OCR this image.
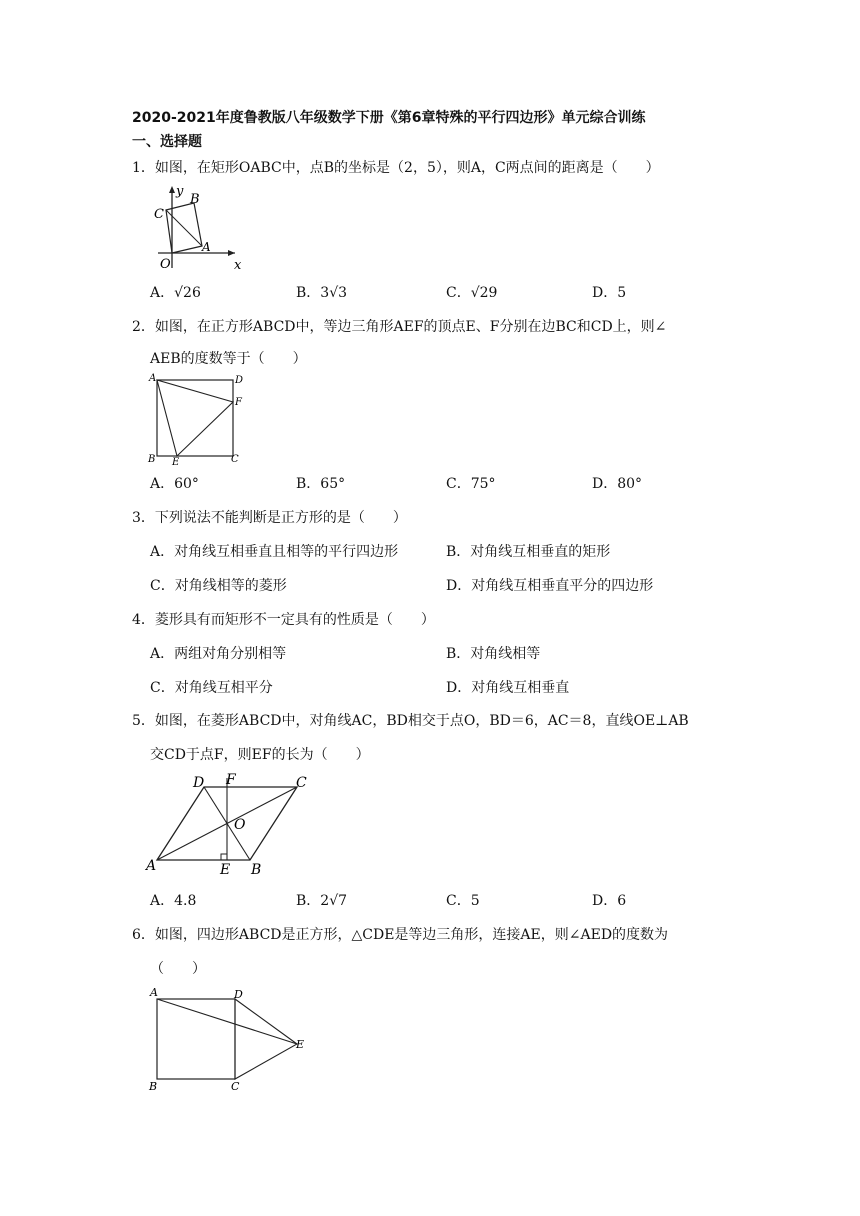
2020-2021年度鲁教版八年级数学下册《第6章特殊的平行四边形》单元综合训练
一、选择题
1．如图，在矩形OABC中，点B的坐标是（2，5），则A，C两点间的距离是（　　）
y
x
O
A
B
C
A．√26	B．3√3	C．√29	D．5
2．如图，在正方形ABCD中，等边三角形AEF的顶点E、F分别在边BC和CD上，则∠
AEB的度数等于（　　）
A	D
F
B E	C
A．60°	B．65°	C．75°	D．80°
3．下列说法不能判断是正方形的是（　　）
A．对角线互相垂直且相等的平行四边形	B．对角线互相垂直的矩形
C．对角线相等的菱形	D．对角线互相垂直平分的四边形
4．菱形具有而矩形不一定具有的性质是（　　）
A．两组对角分别相等	B．对角线相等
C．对角线互相平分	D．对角线互相垂直
5．如图，在菱形ABCD中，对角线AC，BD相交于点O，BD＝6，AC＝8，直线OE⊥AB
交CD于点F，则EF的长为（　　）
D F	C
O
A	E B
A．4.8	B．2√7	C．5	D．6
6．如图，四边形ABCD是正方形，△CDE是等边三角形，连接AE，则∠AED的度数为
（　　）
A	D
E
B	C
